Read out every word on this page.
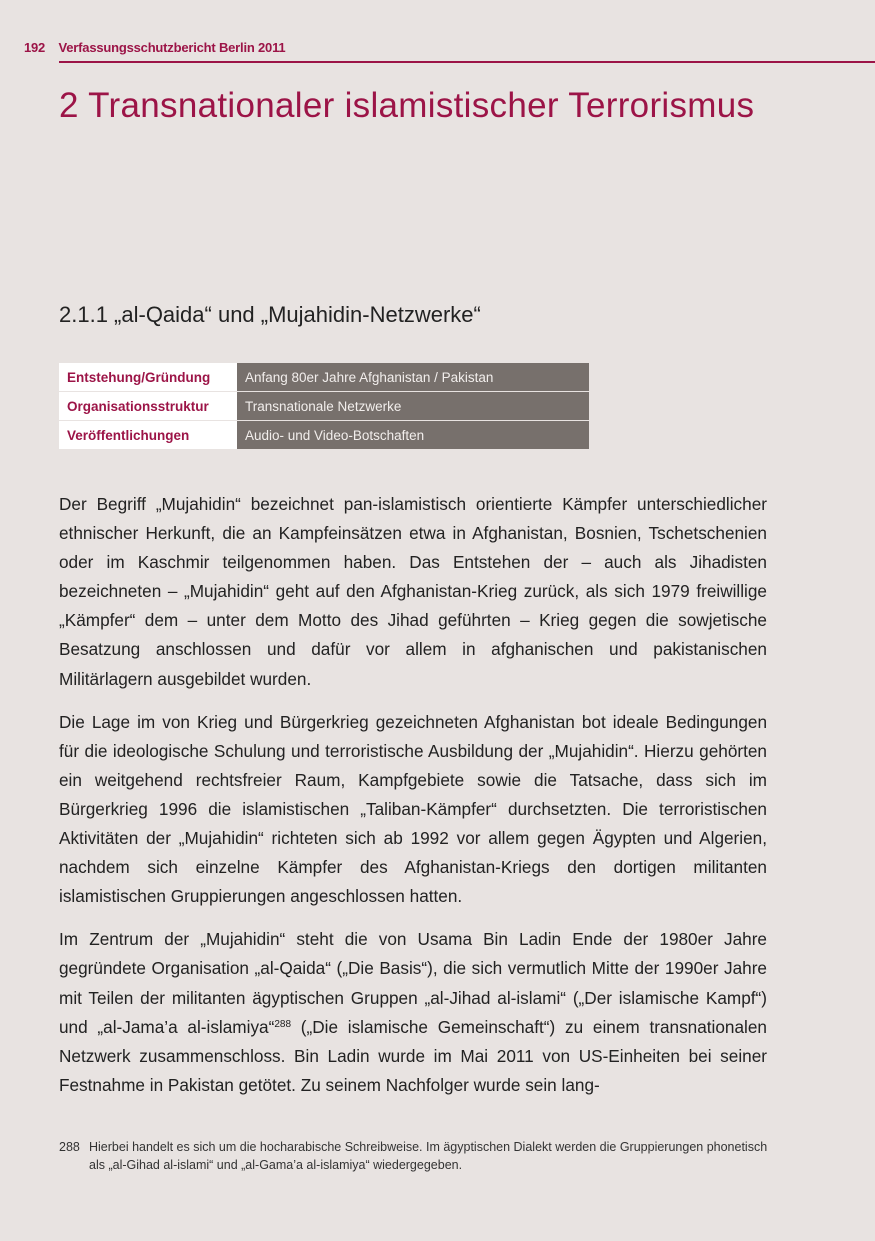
192 Verfassungsschutzbericht Berlin 2011
2 Transnationaler islamistischer Terrorismus
2.1.1 „al-Qaida“ und „Mujahidin-Netzwerke“
Entstehung/Gründung	Anfang 80er Jahre Afghanistan / Pakistan
Organisationsstruktur	Transnationale Netzwerke
Veröffentlichungen	Audio- und Video-Botschaften

Der Begriff „Mujahidin“ bezeichnet pan-islamistisch orientierte Kämpfer unterschiedlicher ethnischer Herkunft, die an Kampfeinsätzen etwa in Afghanistan, Bosnien, Tschetschenien oder im Kaschmir teilgenommen haben. Das Entstehen der – auch als Jihadisten bezeichneten – „Mujahidin“ geht auf den Afghanistan-Krieg zurück, als sich 1979 freiwillige „Kämpfer“ dem – unter dem Motto des Jihad geführten – Krieg gegen die sowjetische Besatzung anschlossen und dafür vor allem in afghanischen und pakistanischen Militärlagern ausgebildet wurden.

Die Lage im von Krieg und Bürgerkrieg gezeichneten Afghanistan bot ideale Bedingungen für die ideologische Schulung und terroristische Ausbildung der „Mujahidin“. Hierzu gehörten ein weitgehend rechtsfreier Raum, Kampfgebiete sowie die Tatsache, dass sich im Bürgerkrieg 1996 die islamistischen „Taliban-Kämpfer“ durchsetzten. Die terroristischen Aktivitäten der „Mujahidin“ richteten sich ab 1992 vor allem gegen Ägypten und Algerien, nachdem sich einzelne Kämpfer des Afghanistan-Kriegs den dortigen militanten islamistischen Gruppierungen angeschlossen hatten.

Im Zentrum der „Mujahidin“ steht die von Usama Bin Ladin Ende der 1980er Jahre gegründete Organisation „al-Qaida“ („Die Basis“), die sich vermutlich Mitte der 1990er Jahre mit Teilen der militanten ägyptischen Gruppen „al-Jihad al-islami“ („Der islamische Kampf“) und „al-Jama’a al-islamiya“$^{288}$ („Die islamische Gemeinschaft“) zu einem transnationalen Netzwerk zusammenschloss. Bin Ladin wurde im Mai 2011 von US-Einheiten bei seiner Festnahme in Pakistan getötet. Zu seinem Nachfolger wurde sein lang-

288 Hierbei handelt es sich um die hocharabische Schreibweise. Im ägyptischen Dialekt werden die Gruppierungen phonetisch als „al-Gihad al-islami“ und „al-Gama’a al-islamiya“ wiedergegeben.
